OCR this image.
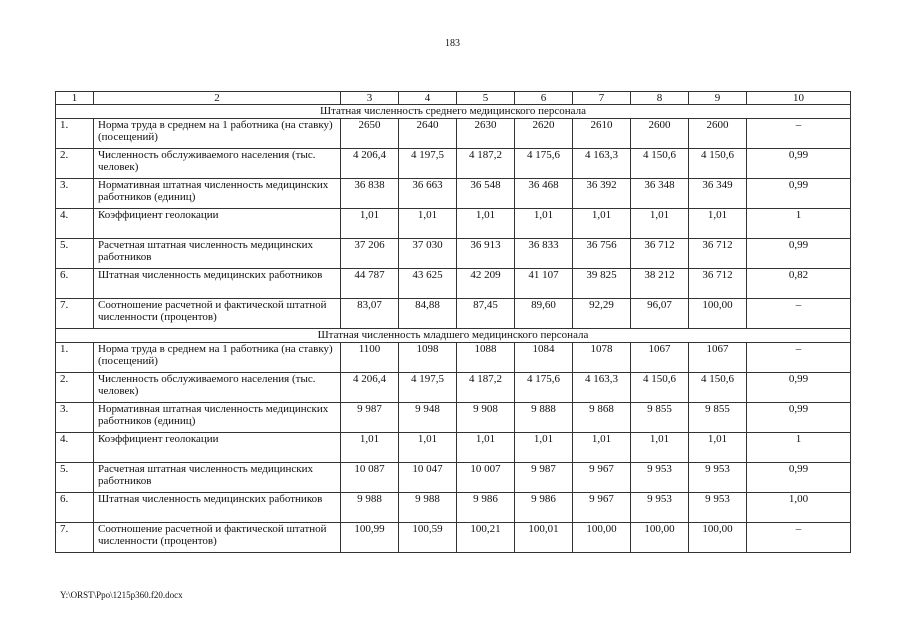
183
1	2	3	4	5	6	7	8	9	10
Штатная численность среднего медицинского персонала									
1.	Норма труда в среднем на 1 работника (на ставку) (посещений)	2650	2640	2630	2620	2610	2600	2600	–
2.	Численность обслуживаемого населения (тыс. человек)	4 206,4	4 197,5	4 187,2	4 175,6	4 163,3	4 150,6	4 150,6	0,99
3.	Нормативная штатная численность медицинских работников (единиц)	36 838	36 663	36 548	36 468	36 392	36 348	36 349	0,99
4.	Коэффициент геолокации	1,01	1,01	1,01	1,01	1,01	1,01	1,01	1
5.	Расчетная штатная численность медицинских работников	37 206	37 030	36 913	36 833	36 756	36 712	36 712	0,99
6.	Штатная численность медицинских работников	44 787	43 625	42 209	41 107	39 825	38 212	36 712	0,82
7.	Соотношение расчетной и фактической штатной численности (процентов)	83,07	84,88	87,45	89,60	92,29	96,07	100,00	–
Штатная численность младшего медицинского персонала									
1.	Норма труда в среднем на 1 работника (на ставку) (посещений)	1100	1098	1088	1084	1078	1067	1067	–
2.	Численность обслуживаемого населения (тыс. человек)	4 206,4	4 197,5	4 187,2	4 175,6	4 163,3	4 150,6	4 150,6	0,99
3.	Нормативная штатная численность медицинских работников (единиц)	9 987	9 948	9 908	9 888	9 868	9 855	9 855	0,99
4.	Коэффициент геолокации	1,01	1,01	1,01	1,01	1,01	1,01	1,01	1
5.	Расчетная штатная численность медицинских работников	10 087	10 047	10 007	9 987	9 967	9 953	9 953	0,99
6.	Штатная численность медицинских работников	9 988	9 988	9 986	9 986	9 967	9 953	9 953	1,00
7.	Соотношение расчетной и фактической штатной численности (процентов)	100,99	100,59	100,21	100,01	100,00	100,00	100,00	–
Y:\ORST\Ppo\1215p360.f20.docx
